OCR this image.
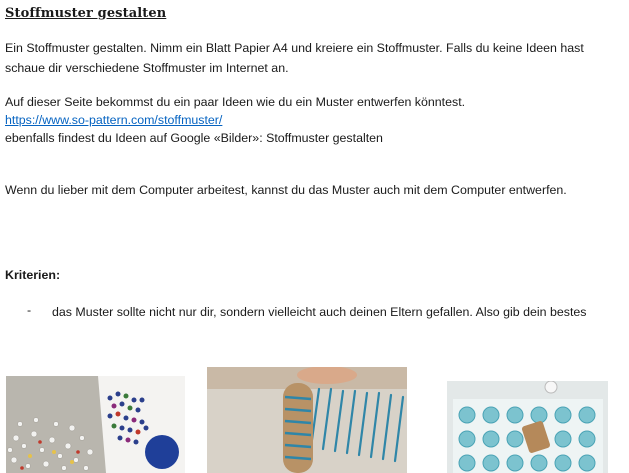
Stoffmuster gestalten
Ein Stoffmuster gestalten. Nimm ein Blatt Papier A4 und kreiere ein Stoffmuster. Falls du keine Ideen hast schaue dir verschiedene Stoffmuster im Internet an.
Auf dieser Seite bekommst du ein paar Ideen wie du ein Muster entwerfen könntest.
https://www.so-pattern.com/stoffmuster/
ebenfalls findest du Ideen auf Google «Bilder»: Stoffmuster gestalten
Wenn du lieber mit dem Computer arbeitest, kannst du das Muster auch mit dem Computer entwerfen.
Kriterien:
- das Muster sollte nicht nur dir, sondern vielleicht auch deinen Eltern gefallen. Also gib dein bestes
